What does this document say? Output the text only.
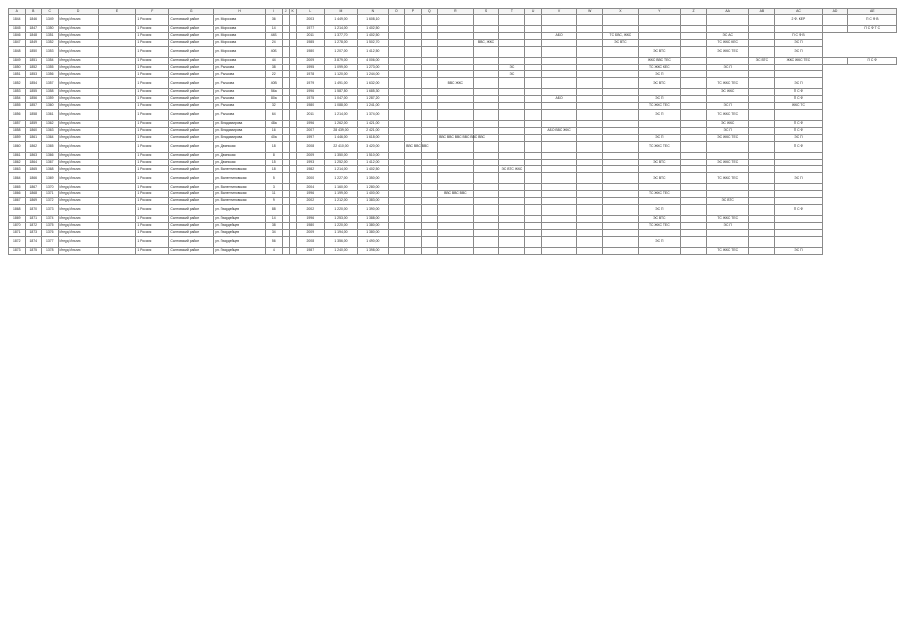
A	B	C	D	E	F	G	H	I	J	K	L	M	N	O	P	Q	R	S	T	U	V	W	X	Y	Z	AA	AB	AC	AD	AE
1844	1846	1349	Ингуд Ильгиз		1 Россия	Салтовский район	ул. Морозова	36			2003	1 449,00	1 608,10															2 Ф. КЕР		П С Ф В
1845	1847	1350	Ингуд Ильгиз		1 Россия	Салтовский район	ул. Морозова	14			1977	1 214,00	1 402,50																	П С Ф Т С
1846	1848	1351	Ингуд Ильгиз		1 Россия	Салтовский район	ул. Морозова	44Б			2011	1 377,70	1 402,50								АБО		ТС БВС, ЖКС			ЭС АС		П С Ф В		
1847	1849	1352	Ингуд Ильгиз		1 Россия	Салтовский район	ул. Морозова	24			1985	1 278,00	1 502,70					ВВС, ЖКС					ЭС ВТС			ТС ЖКС КЕС		ЭС П		
1848	1850	1353	Ингуд Ильгиз		1 Россия	Салтовский район	ул. Морозова	40Б			1980	1 207,00	1 412,50											ЭС ВТС		ЭС ЖКС ТЕС		ЭС П		
1849	1851	1354	Ингуд Ильгиз		1 Россия	Салтовский район	ул. Морозова	44			2009	3 879,00	4 006,00											ЖКС ВВС ТЕС			ЭС ВТС	ЖКС ЖКС ТЕС		П С Ф
1850	1852	1355	Ингуд Ильгиз		1 Россия	Салтовский район	ул. Рычкова	38			1995	1 099,00	1 273,00						ЭС					ТС ЖКС КЕС		ЭС П				
1851	1853	1356	Ингуд Ильгиз		1 Россия	Салтовский район	ул. Рычкова	22			1978	1 120,00	1 244,00						ЭС					ЭС П						
1852	1854	1357	Ингуд Ильгиз		1 Россия	Салтовский район	ул. Рычкова	40В			1979	1 491,00	1 632,00				ВВС ЖКС							ЭС ВТС		ТС ЖКС ТЕС		ЭС П		
1853	1855	1358	Ингуд Ильгиз		1 Россия	Салтовский район	ул. Рычкова	56а			1996	1 587,50	1 685,30													ЭС ЖКС		П С Ф		
1854	1856	1359	Ингуд Ильгиз		1 Россия	Салтовский район	ул. Рычкова	80а			1975	1 047,00	1 287,20								АБО			ЭС П				П С Ф		
1855	1857	1360	Ингуд Ильгиз		1 Россия	Салтовский район	ул. Рычкова	32			1980	1 088,00	1 241,00											ТС ЖКС ТЕС		ЭС П		ЖКС ТС		
1856	1858	1361	Ингуд Ильгиз		1 Россия	Салтовский район	ул. Рычкова	64			2011	1 214,00	1 374,00											ЭС П		ТС ЖКС ТЕС				
1857	1859	1362	Ингуд Ильгиз		1 Россия	Салтовский район	ул. Владимирова	48а			1996	1 262,00	1 421,00													ЭС ЖКС		П С Ф		
1858	1860	1363	Ингуд Ильгиз		1 Россия	Салтовский район	ул. Владимирова	16			2007	28 439,00	2 421,00								АБО ВВС ЖКС					ЭС П		П С Ф		
1859	1861	1364	Ингуд Ильгиз		1 Россия	Салтовский район	ул. Владимирова	40а			1997	1 446,00	1 618,00				ВВС ВВС ВВС ВВС ВВС ВВС							ЭС П		ЭС ЖКС ТЕС		ЭС П		
1860	1862	1365	Ингуд Ильгиз		1 Россия	Салтовский район	ул. Двинская	18			2008	22 410,00	3 420,00		ВВС ВВС ВВС									ТС ЖКС ТЕС				П С Ф		
1861	1863	1366	Ингуд Ильгиз		1 Россия	Салтовский район	ул. Двинская	8			2009	1 350,00	1 510,00																	
1862	1864	1367	Ингуд Ильгиз		1 Россия	Салтовский район	ул. Двинская	15			1993	1 252,00	1 412,00											ЭС ВТС		ЭС ЖКС ТЕС				
1863	1865	1368	Ингуд Ильгиз		1 Россия	Салтовский район	ул. Валентиновская	18			1982	1 214,00	1 402,50						ЭС ВТС ЖКС											
1864	1866	1369	Ингуд Ильгиз		1 Россия	Салтовский район	ул. Валентиновская	5			2000	1 227,00	1 350,00											ЭС ВТС		ТС ЖКС ТЕС		ЭС П		
1865	1867	1370	Ингуд Ильгиз		1 Россия	Салтовский район	ул. Валентиновская	3			2004	1 160,00	1 280,00																	
1866	1868	1371	Ингуд Ильгиз		1 Россия	Салтовский район	ул. Валентиновская	11			1996	1 199,00	1 400,00				ВВС ВВС ВВС							ТС ЖКС ТЕС						
1867	1869	1372	Ингуд Ильгиз		1 Россия	Салтовский район	ул. Валентиновская	9			2002	1 212,00	1 383,00													ЭС ВТС				
1868	1870	1373	Ингуд Ильгиз		1 Россия	Салтовский район	ул. Гвардейцев	88			2002	1 220,00	1 390,00											ЭС П				П С Ф		
1869	1871	1374	Ингуд Ильгиз		1 Россия	Салтовский район	ул. Гвардейцев	14			1996	1 253,00	1 388,00											ЭС ВТС		ТС ЖКС ТЕС				
1870	1872	1375	Ингуд Ильгиз		1 Россия	Салтовский район	ул. Гвардейцев	38			1980	1 220,00	1 380,00											ТС ЖКС ТЕС		ЭС П				
1871	1873	1376	Ингуд Ильгиз		1 Россия	Салтовский район	ул. Гвардейцев	34			2009	1 194,00	1 380,00																	
1872	1874	1377	Ингуд Ильгиз		1 Россия	Салтовский район	ул. Гвардейцев	56			2008	1 356,00	1 490,00											ЭС П						
1873	1875	1378	Ингуд Ильгиз		1 Россия	Салтовский район	ул. Гвардейцев	4			1987	1 240,00	1 398,00													ТС ЖКС ТЕС		ЭС П		
